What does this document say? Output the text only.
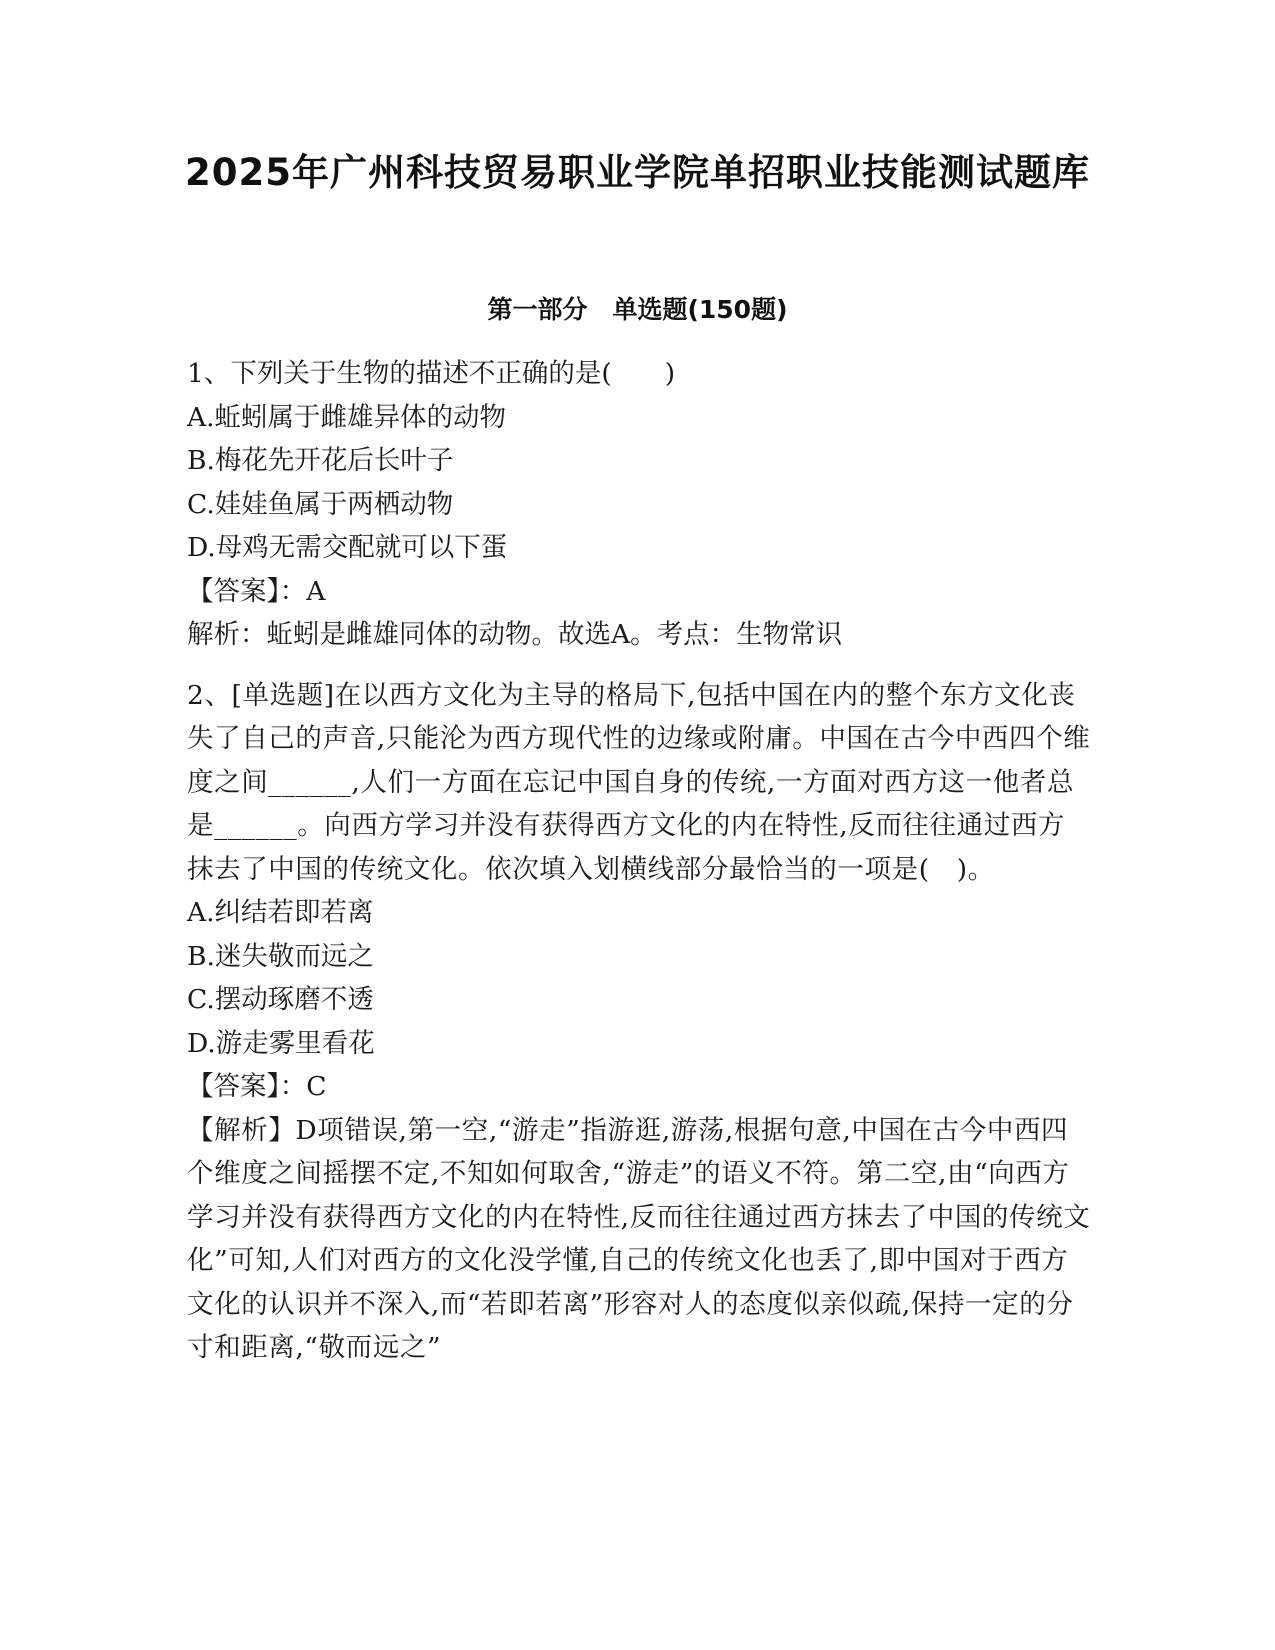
2025年广州科技贸易职业学院单招职业技能测试题库
第一部分　单选题(150题)
1、下列关于生物的描述不正确的是(　　)
A.蚯蚓属于雌雄异体的动物
B.梅花先开花后长叶子
C.娃娃鱼属于两栖动物
D.母鸡无需交配就可以下蛋
【答案】：A
解析：蚯蚓是雌雄同体的动物。故选A。考点：生物常识
2、[单选题]在以西方文化为主导的格局下,包括中国在内的整个东方文化丧失了自己的声音,只能沦为西方现代性的边缘或附庸。中国在古今中西四个维度之间______,人们一方面在忘记中国自身的传统,一方面对西方这一他者总是______。向西方学习并没有获得西方文化的内在特性,反而往往通过西方抹去了中国的传统文化。依次填入划横线部分最恰当的一项是(　)。
A.纠结若即若离
B.迷失敬而远之
C.摆动琢磨不透
D.游走雾里看花
【答案】：C
【解析】D项错误,第一空,“游走”指游逛,游荡,根据句意,中国在古今中西四个维度之间摇摆不定,不知如何取舍,“游走”的语义不符。第二空,由“向西方学习并没有获得西方文化的内在特性,反而往往通过西方抹去了中国的传统文化”可知,人们对西方的文化没学懂,自己的传统文化也丢了,即中国对于西方文化的认识并不深入,而“若即若离”形容对人的态度似亲似疏,保持一定的分寸和距离,“敬而远之”
